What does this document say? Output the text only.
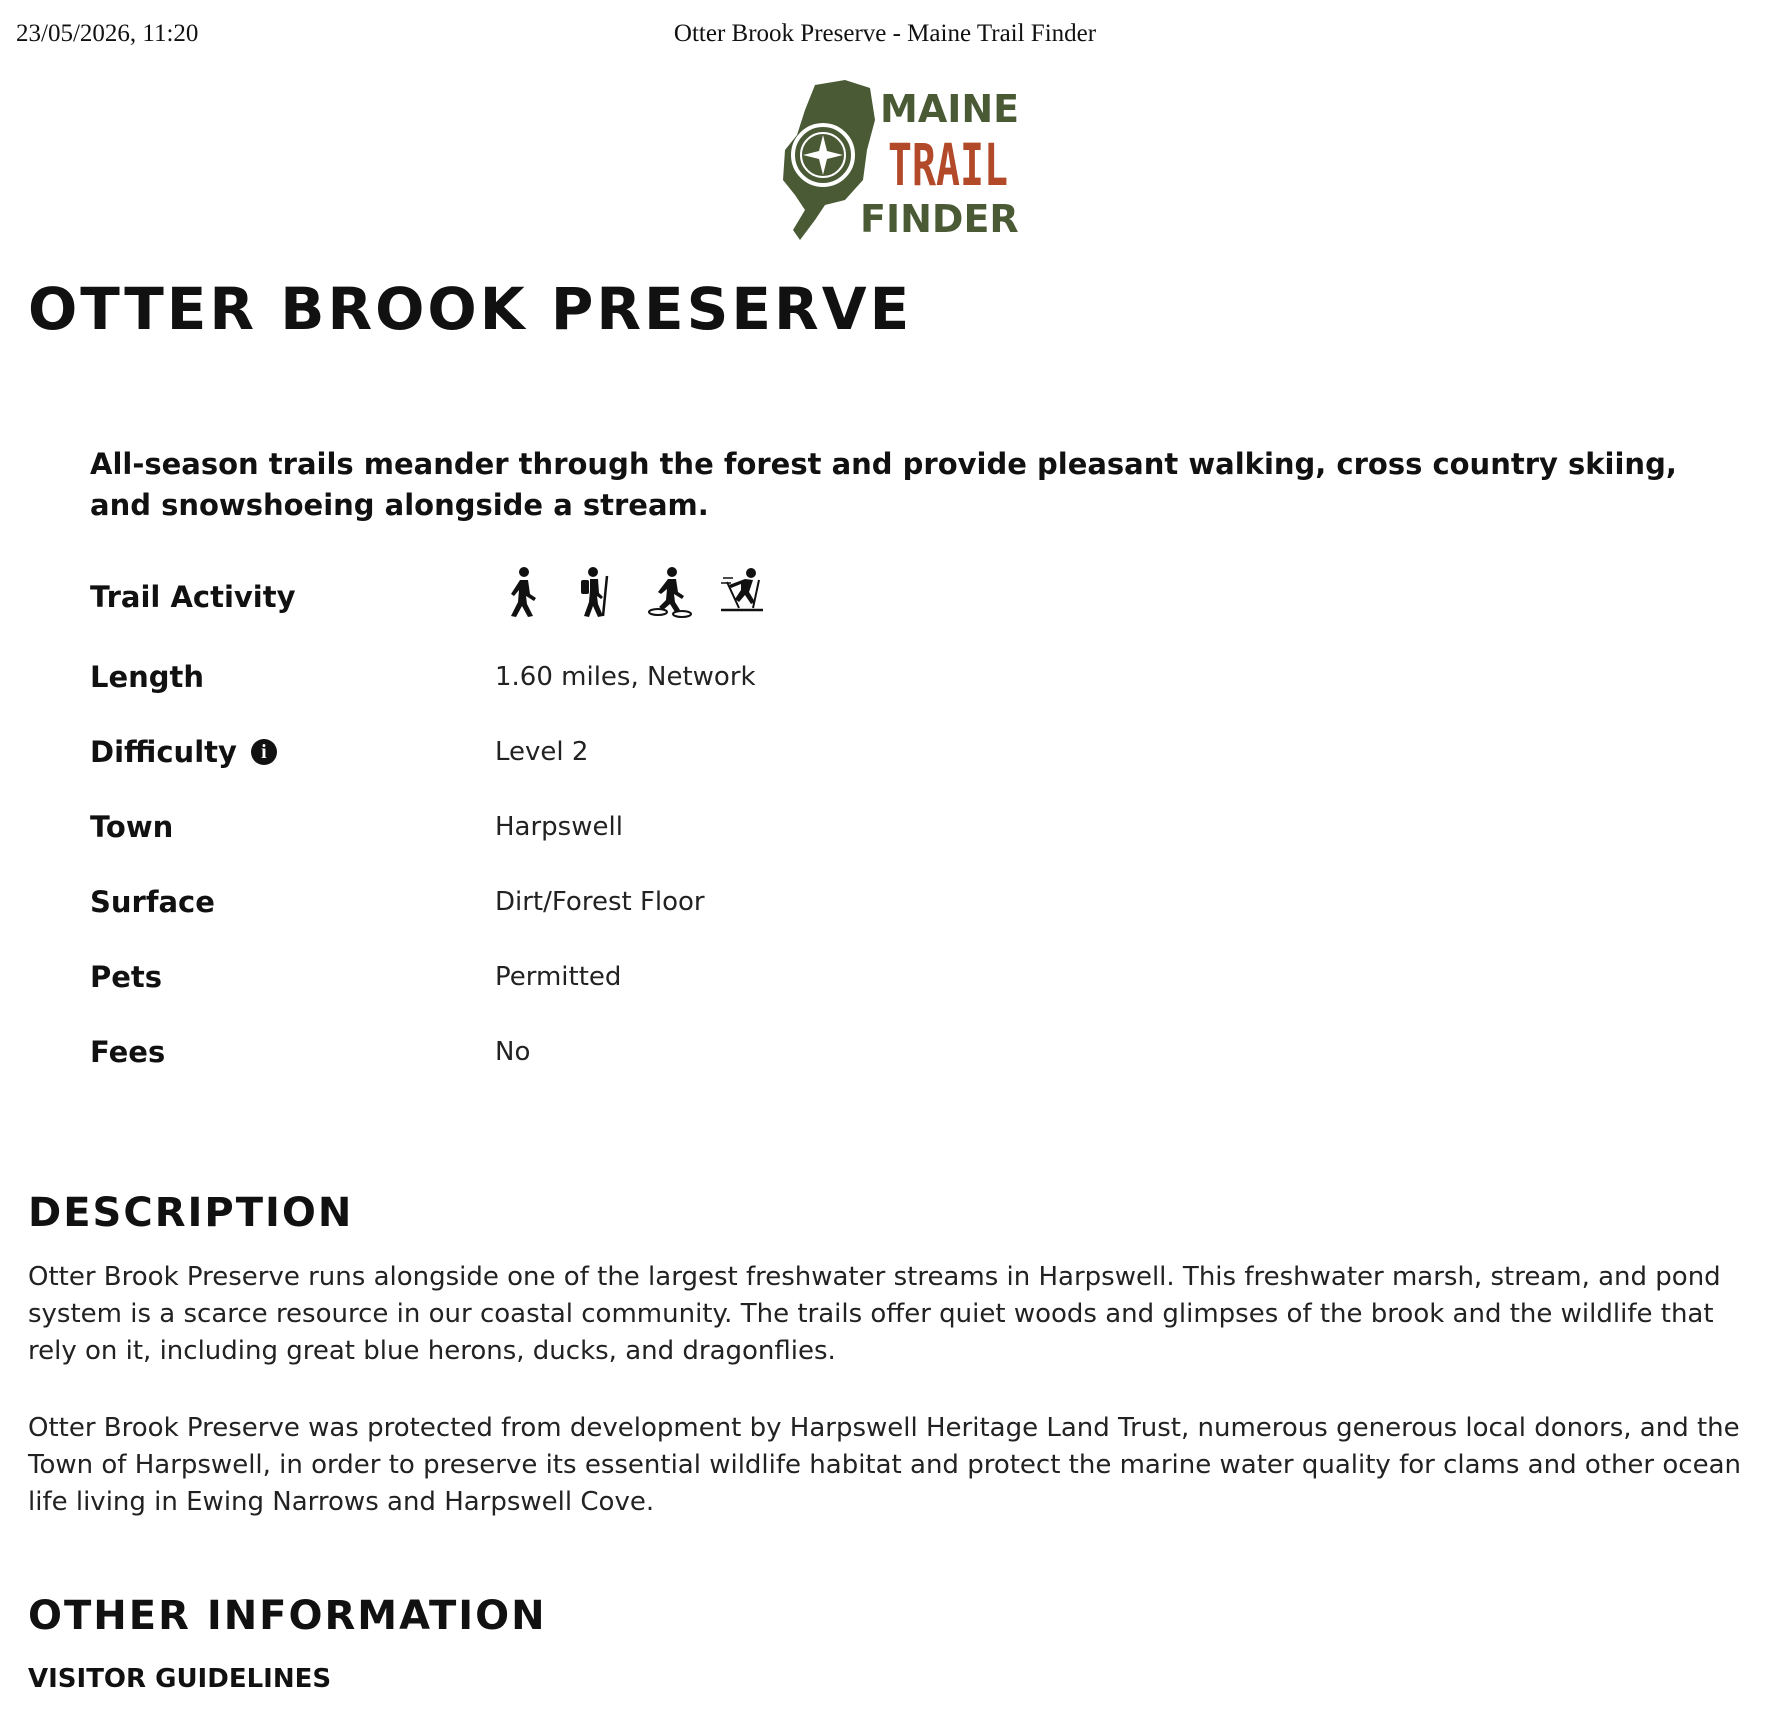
23/05/2026, 11:20	Otter Brook Preserve - Maine Trail Finder
MAINE
TRAIL
FINDER
OTTER BROOK PRESERVE

All-season trails meander through the forest and provide pleasant walking, cross country skiing, and snowshoeing alongside a stream.

Trail Activity

Length	1.60 miles, Network
Difficulty i	Level 2
Town	Harpswell
Surface	Dirt/Forest Floor
Pets	Permitted
Fees	No
DESCRIPTION

Otter Brook Preserve runs alongside one of the largest freshwater streams in Harpswell. This freshwater marsh, stream, and pond system is a scarce resource in our coastal community. The trails offer quiet woods and glimpses of the brook and the wildlife that rely on it, including great blue herons, ducks, and dragonflies.

Otter Brook Preserve was protected from development by Harpswell Heritage Land Trust, numerous generous local donors, and the Town of Harpswell, in order to preserve its essential wildlife habitat and protect the marine water quality for clams and other ocean life living in Ewing Narrows and Harpswell Cove.

OTHER INFORMATION
VISITOR GUIDELINES
